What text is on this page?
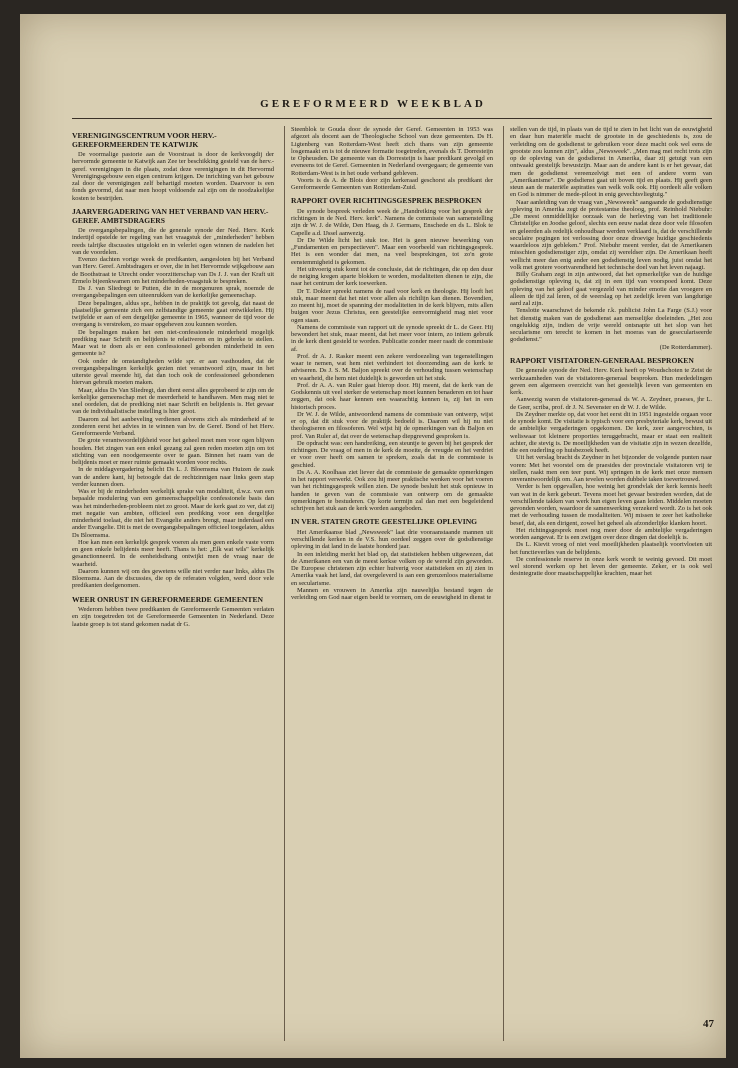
GEREFORMEERD WEEKBLAD
VERENIGINGSCENTRUM VOOR HERV.-GEREFORMEERDEN TE KATWIJK

De voormalige pastorie aan de Voorstraat is door de kerkvoogdij der hervormde gemeente te Katwijk aan Zee ter beschikking gesteld van de herv.-geref. verenigingen in die plaats, zodat deze verenigingen in dit Hervormd Verenigingsgebouw een eigen centrum krijgen. De inrichting van het gebouw zal door de verenigingen zelf behartigd moeten worden. Daarvoor is een fonds gevormd, dat naar men hoopt voldoende zal zijn om de noodzakelijke kosten te bestrijden.

JAARVERGADERING VAN HET VERBAND VAN HERV.-GEREF. AMBTSDRAGERS

De overgangsbepalingen, die de generale synode der Ned. Herv. Kerk indertijd opstelde ter regeling van het vraagstuk der „minderheden" hebben reeds talrijke discussies uitgelokt en in velerlei ogen winnen de nadelen het van de voordelen.

Evenzo dachten vorige week de predikanten, aangesloten bij het Verband van Herv. Geref. Ambtsdragers er over, die in het Hervormde wijkgebouw aan de Boothstraat te Utrecht onder voorzitterschap van Ds J. J. van der Kraft uit Ermelo bijeenkwamen om het minderheden-vraagstuk te bespreken.

Ds J. van Sliedregt te Putten, die in de morgenuren sprak, noemde de overgangsbepalingen een uiteenrukken van de kerkelijke gemeenschap.

Deze bepalingen, aldus spr., hebben in de praktijk tot gevolg, dat naast de plaatselijke gemeente zich een zelfstandige gemeente gaat ontwikkelen. Hij twijfelde er aan of een dergelijke gemeente in 1965, wanneer de tijd voor de overgang is verstreken, zo maar opgeheven zou kunnen worden.

De bepalingen maken het een niet-confessionele minderheid mogelijk prediking naar Schrift en belijdenis te relativeren en in gebreke te stellen. Maar wat te doen als er een confessioneel gebonden minderheid in een gemeente is?

Ook onder de omstandigheden wilde spr. er aan vasthouden, dat de overgangsbepalingen kerkelijk gezien niet verantwoord zijn, maar in het uiterste geval meende hij, dat dan toch ook de confessioneel gebondenen hiervan gebruik moeten maken.

Maar, aldus Ds Van Sliedregt, dan dient eerst alles geprobeerd te zijn om de kerkelijke gemeenschap met de meerderheid te handhaven. Men mag niet te snel oordelen, dat de prediking niet naar Schrift en belijdenis is. Het gevaar van de individualistische instelling is hier groot.

Daarom zal het aanbeveling verdienen alvorens zich als minderheid af te zonderen eerst het advies in te winnen van bv. de Geref. Bond of het Herv. Gereformeerde Verband.

De grote verantwoordelijkheid voor het geheel moet men voor ogen blijven houden. Het zingen van een enkel gezang zal geen reden moeten zijn om tot stichting van een noodgemeente over te gaan. Binnen het raam van de belijdenis moet er meer ruimte gemaakt worden voor rechts.

In de middagvergadering belicht Ds L. J. Bloemsma van Huizen de zaak van de andere kant, hij betoogde dat de rechtzinnigen naar links geen stap verder kunnen doen.

Was er bij de minderheden werkelijk sprake van modaliteit, d.w.z. van een bepaalde modulering van een gemeenschappelijke confessionele basis dan was het minderheden-probleem niet zo groot. Maar de kerk gaat zo ver, dat zij met negatie van ambten, officieel een prediking voor een dergelijke minderheid toelaat, die niet het Evangelie anders brengt, maar inderdaad een ander Evangelie. Dit is met de overgangsbepalingen officieel toegelaten, aldus Ds Bloemsma.

Hoe kan men een kerkelijk gesprek voeren als men geen enkele vaste vorm en geen enkele belijdenis meer heeft. Thans is het: „Elk wat wils" kerkelijk gesanctionneerd. In de eenheidsdrang ontwijkt men de vraag naar de waarheid.

Daarom kunnen wij om des gewetens wille niet verder naar links, aldus Ds Bloemsma. Aan de discussies, die op de referaten volgden, werd door vele predikanten deelgenomen.

WEER ONRUST IN GEREFORMEERDE GEMEENTEN

Wederom hebben twee predikanten de Gereformeerde Gemeenten verlaten en zijn toegetreden tot de Gereformeerde Gemeenten in Nederland. Deze laatste groep is tot stand gekomen nadat dr G.

Steenblok te Gouda door de synode der Geref. Gemeenten in 1953 was afgezet als docent aan de Theologische School van deze gemeenten. Ds H. Ligtenberg van Rotterdam-West heeft zich thans van zijn gemeente losgemaakt en is tot de nieuwe formatie toegetreden, evenals ds T. Dorresteijn te Opheusden. De gemeente van ds Dorresteijn is haar predikant gevolgd en eveneens tot de Geref. Gemeenten in Nederland overgegaan; de gemeente van Rotterdam-West is in het oude verband gebleven.

Voorts is ds A. de Blois door zijn kerkeraad geschorst als predikant der Gereformeerde Gemeenten van Rotterdam-Zuid.

RAPPORT OVER RICHTINGSGESPREK BESPROKEN

De synode bespreek verleden week de „Handreiking voor het gesprek der richtingen in de Ned. Herv. kerk". Namens de commissie van samenstelling zijn dr W. J. de Wilde, Den Haag, ds J. Germans, Enschede en ds L. Blok te Capelle a.d. IJssel aanwezig.

Dr De Wilde licht het stuk toe. Het is geen nieuwe bewerking van „Fundamenten en perspectieven". Maar een voorbeeld van richtingsgesprek. Het is een wonder dat men, na veel besprekingen, tot zo'n grote eenstemmigheid is gekomen.

Het uitvoerig stuk komt tot de conclusie, dat de richtingen, die op den duur de neiging kregen aparte blokken te worden, modaliteiten dienen te zijn, die naar het centrum der kerk toewerken.

Dr T. Dokter spreekt namens de raad voor kerk en theologie. Hij looft het stuk, maar meent dat het niet voor allen als richtlijn kan dienen. Bovendien, zo meent hij, moet de spanning der modaliteiten in de kerk blijven, mits allen buigen voor Jezus Christus, een geestelijke eenvormigheid mag niet voor ogen staan.

Namens de commissie van rapport uit de synode spreekt dr L. de Geer. Hij bewondert het stuk, maar meent, dat het meer voor intern, zo intiem gebruik in de kerk dient gesteld te worden. Publicatie zonder meer raadt de commissie af.

Prof. dr A. J. Rasker meent een zekere verdoezeling van tegenstellingen waar te nemen, wat hem niet verhindert tot doorzending aan de kerk te adviseren. Ds J. S. M. Baljon spreekt over de verhouding tussen wetenschap en waarheid, die hem niet duidelijk is geworden uit het stuk.

Prof. dr A. A. van Ruler gaat hierop door. Hij meent, dat de kerk van de Godskennis uit veel sterker de wetenschap moet kunnen benaderen en tot haar zeggen, dat ook haar kennen een waarachtig kennen is, zij het in een historisch proces.

Dr W. J. de Wilde, antwoordend namens de commissie van ontwerp, wijst er op, dat dit stuk voor de praktijk bedoeld is. Daarom wil hij nu niet theologiseren en filosoferen. Wel wijst hij de opmerkingen van ds Baljon en prof. Van Ruler af, dat over de wetenschap diepgrevend gesproken is.

De opdracht was: een handreiking, een steuntje te geven bij het gesprek der richtingen. De vraag of men in de kerk de moeite, de vreugde en het verdriet er voor over heeft om samen te spreken, zoals dat in de commissie is geschied.

Ds A. A. Koolhaas ziet liever dat de commissie de gemaakte opmerkingen in het rapport verwerkt. Ook zou hij meer praktische wenken voor het voeren van het richtingsgesprek willen zien. De synode besluit het stuk opnieuw in handen te geven van de commissie van ontwerp om de gemaakte opmerkingen te bestuderen. Op korte termijn zal dan met een begeleidend schrijven het stuk aan de kerk worden aangeboden.

IN VER. STATEN GROTE GEESTELIJKE OPLEVING

Het Amerikaanse blad „Newsweek" laat drie vooraanstaande mannen uit verschillende kerken in de V.S. hun oordeel zeggen over de godsdienstige opleving in dat land in de laatste honderd jaar.

In een inleiding merkt het blad op, dat statistieken hebben uitgewezen, dat de Amerikanen een van de meest kerkse volken op de wereld zijn geworden. De Europese christenen zijn echter huiverig voor statistieken en zij zien in Amerika vaak het land, dat overgeleverd is aan een grenzenloos materialisme en secularisme.

Mannen en vrouwen in Amerika zijn nauwelijks bestand tegen de verleiding om God naar eigen beeld te vormen, om de eeuwigheid in dienst te

stellen van de tijd, in plaats van de tijd te zien in het licht van de eeuwigheid en daar hun materiële macht de grootste in de geschiedenis is, zou de verleiding om de godsdienst te gebruiken voor deze macht ook wel eens de grootste zou kunnen zijn", aldus „Newsweek". „Men mag met recht trots zijn op de opleving van de godsdienst in Amerika, daar zij getuigt van een ontwaakt geestelijk bewustzijn. Maar aan de andere kant is er het gevaar, dat men de godsdienst vereenzelvigt met een of andere vorm van „Amerikanisme". De godsdienst gaat uit boven tijd en plaats. Hij geeft geen steun aan de materiële aspiraties van welk volk ook. Hij oordeelt alle volken en God is nimmer de mede-piloot in enig gevechtsvliegtuig."

Naar aanleiding van de vraag van „Newsweek" aangaande de godsdienstige opleving in Amerika zegt de protestantse theoloog, prof. Reinhold Niebuhr: „De meest onmiddellijke oorzaak van de herleving van het traditionele Christelijke en Joodse geloof, slechts een eeuw nadat deze door vele filosofen en geleerden als redelijk onhoudbaar werden verklaard is, dat de verschillende seculaire pogingen tot verlossing door onze droevige huidige geschiedenis waardeloos zijn gebleken." Prof. Niebuhr meent verder, dat de Amerikanen misschien godsdienstiger zijn, omdat zij wereldser zijn. De Amerikaan heeft wellicht meer dan enig ander een godsdienstig leven nodig, juist omdat het volk met grotere voortvarendheid het technische doel van het leven najaagt.

Billy Graham zegt in zijn antwoord, dat het opmerkelijke van de huidige godsdienstige opleving is, dat zij in een tijd van voorspoed komt. Deze opleving van het geloof gaat vergezeld van minder emotie dan vroegere en alleen de tijd zal leren, of de weerslag op het zedelijk leven van langdurige aard zal zijn.

Tenslotte waarschuwt de bekende r.k. publicist John La Farge (S.J.) voor het dienstig maken van de godsdienst aan menselijke doeleinden. „Het zou ongelukkig zijn, indien de vrije wereld ontsnapte uit het slop van het secularisme om terecht te komen in het moeras van de geseculariseerde godsdienst."

(De Rotterdammer).
RAPPORT VISITATOREN-GENERAAL BESPROKEN

De generale synode der Ned. Herv. Kerk heeft op Woudschoten te Zeist de werkzaamheden van de visitatoren-generaal besproken. Hun mededelingen geven een algemeen overzicht van het geestelijk leven van gemeenten en kerk.

Aanwezig waren de visitatoren-generaal ds W. A. Zeydner, praeses, jhr L. de Geer, scriba, prof. dr J. N. Sevenster en dr W. J. de Wilde.

Ds Zeydner merkte op, dat voor het eerst dit in 1951 ingestelde orgaan voor de synode komt. De visitatie is typisch voor een presbyteriale kerk, bewust uit de ambtelijke vergaderingen opgekomen. De kerk, zeer aangevochten, is weliswaar tot kleinere proporties teruggebracht, maar er staat een realiteit achter, die stevig is. De moeilijkheden van de visitatie zijn in wezen dezelfde, die een ouderling op huisbezoek heeft.

Uit het verslag bracht ds Zeydner in het bijzonder de volgende punten naar voren: Met het voorstel om de praesides der provinciale visitatoren vrij te stellen, raakt men een teer punt. Wij springen in de kerk met onze mensen onverantwoordelijk om. Aan tevelen worden dubbele taken toevertrouwd.

Verder is hen opgevallen, hoe weinig het grondvlak der kerk kennis heeft van wat in de kerk gebeurt. Tevens moet het gevaar bestreden worden, dat de verschillende takken van werk hun eigen leven gaan leiden. Middelen moeten gevonden worden, waardoor de samenwerking verzekerd wordt. Zo is het ook met de verhouding tussen de modaliteiten. Wij missen te zeer het katholieke besef, dat, als een dirigent, zowel het geheel als afzonderlijke klanken hoort.

Het richtingsgesprek moet nog meer door de ambtelijke vergaderingen worden aangevat. Er is een zwijgen over deze dingen dat doelelijk is.

Ds L. Kievit vroeg of niet veel moeilijkheden plaatselijk voortvloeien uit het functieverlies van de belijdenis.

De confessionele reserve in onze kerk wordt te weinig gevoed. Dit moet wel storend werken op het leven der gemeente. Zeker, er is ook wel desintegratie door maatschappelijke krachten, maar het

47
